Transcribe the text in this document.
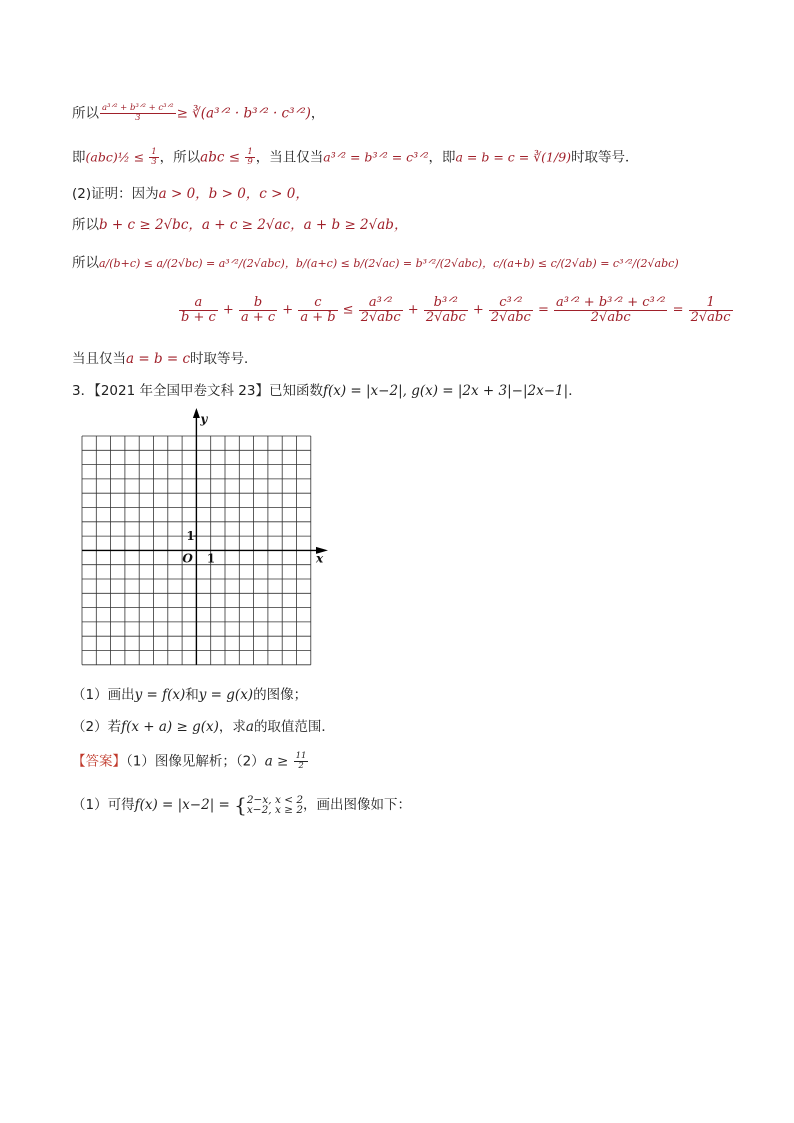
所以 $\frac{\text{a³ᐟ² + b³ᐟ² + c³ᐟ²}}{3}$ ≥ ∛(a³ᐟ² · b³ᐟ² · c³ᐟ²)，
即(abc)½ ≤ $\frac{1}{3}$ ，所以abc ≤ $\frac{1}{9}$ ，当且仅当a³ᐟ² = b³ᐟ² = c³ᐟ²，即a = b = c = ∛(1/9)时取等号．
(2)证明：因为a > 0，b > 0，c > 0，
所以b + c ≥ 2√bc，a + c ≥ 2√ac，a + b ≥ 2√ab，
所以a/(b+c) ≤ a/(2√bc) = a³ᐟ²/(2√abc)，b/(a+c) ≤ b/(2√ac) = b³ᐟ²/(2√abc)，c/(a+b) ≤ c/(2√ab) = c³ᐟ²/(2√abc)
$\frac{a}{b + c} + \frac{b}{a + c} + \frac{c}{a + b} \le \frac{\text{a³ᐟ²}}{\text{2√abc}} + \frac{\text{b³ᐟ²}}{\text{2√abc}} + \frac{\text{c³ᐟ²}}{\text{2√abc}} = \frac{\text{a³ᐟ² + b³ᐟ² + c³ᐟ²}}{\text{2√abc}} = \frac{1}{\text{2√abc}}$
当且仅当a = b = c时取等号．
3．【2021 年全国甲卷文科 23】已知函数f(x) = |x−2|, g(x) = |2x + 3|−|2x−1|．
y
x
O 1
1
（1）画出y = f(x)和y = g(x)的图像；
（2）若f(x + a) ≥ g(x)，求a的取值范围．
【答案】（1）图像见解析；$(2)a \ge \frac{11}{2}$
（1）可得f(x) = |x−2| = { 2−x, x < 2
x−2, x ≥ 2 ，画出图像如下：
